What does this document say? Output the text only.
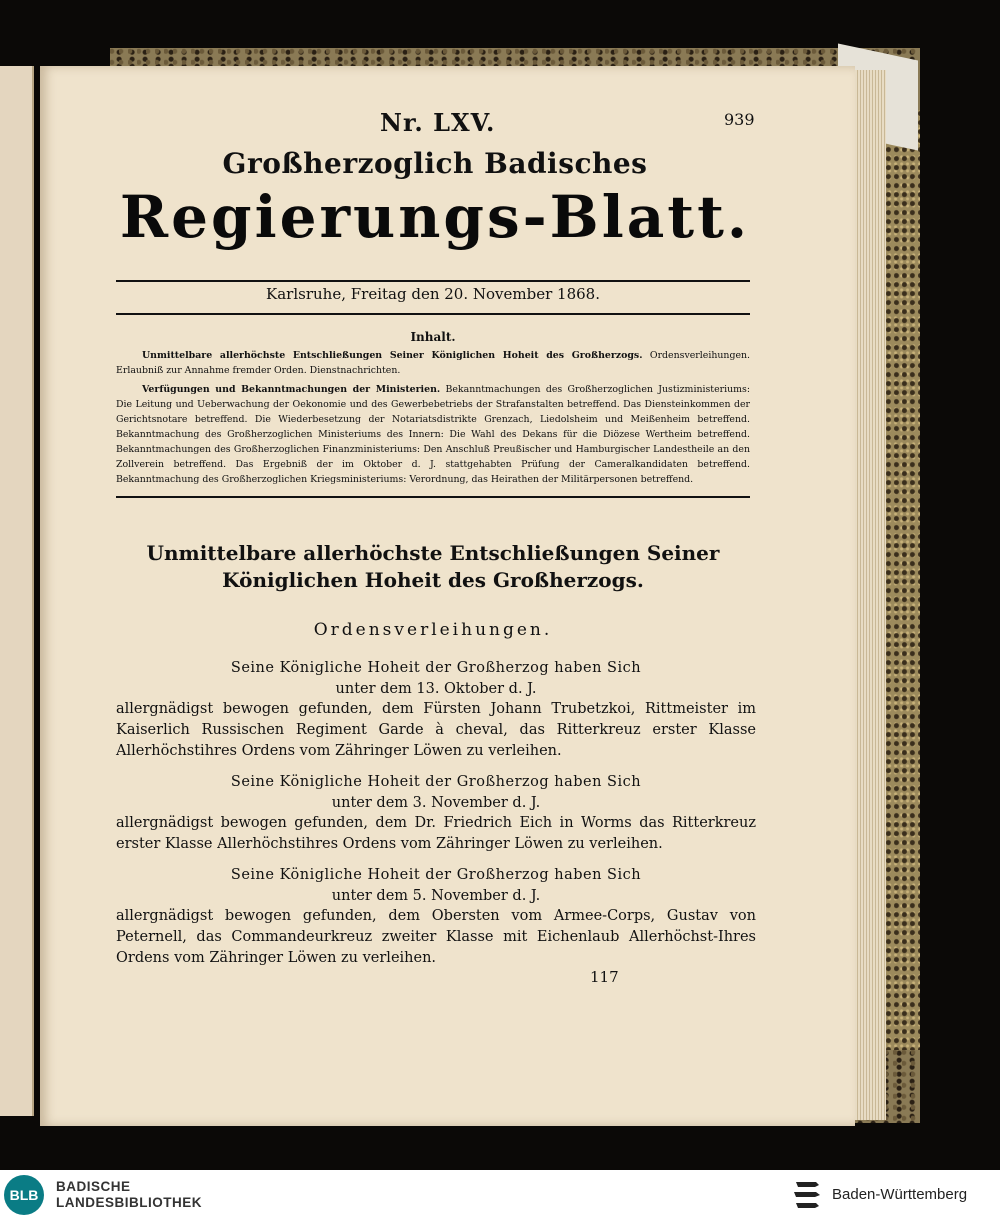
Nr. LXV.	939
Großherzoglich Badisches
Regierungs-Blatt.
Karlsruhe, Freitag den 20. November 1868.
Inhalt.

Unmittelbare allerhöchste Entschließungen Seiner Königlichen Hoheit des Großherzogs. Ordensverleihungen. Erlaubniß zur Annahme fremder Orden. Dienstnachrichten.

Verfügungen und Bekanntmachungen der Ministerien. Bekanntmachungen des Großherzoglichen Justizministeriums: Die Leitung und Ueberwachung der Oekonomie und des Gewerbebetriebs der Strafanstalten betreffend. Das Diensteinkommen der Gerichtsnotare betreffend. Die Wiederbesetzung der Notariatsdistrikte Grenzach, Liedolsheim und Meißenheim betreffend. Bekanntmachung des Großherzoglichen Ministeriums des Innern: Die Wahl des Dekans für die Diözese Wertheim betreffend. Bekanntmachungen des Großherzoglichen Finanzministeriums: Den Anschluß Preußischer und Hamburgischer Landestheile an den Zollverein betreffend. Das Ergebniß der im Oktober d. J. stattgehabten Prüfung der Cameralkandidaten betreffend. Bekanntmachung des Großherzoglichen Kriegsministeriums: Verordnung, das Heirathen der Militärpersonen betreffend.

Unmittelbare allerhöchste Entschließungen Seiner Königlichen Hoheit des Großherzogs.
Ordensverleihungen.
Seine Königliche Hoheit der Großherzog haben Sich
unter dem 13. Oktober d. J.
allergnädigst bewogen gefunden, dem Fürsten Johann Trubetzkoi, Rittmeister im Kaiserlich Russischen Regiment Garde à cheval, das Ritterkreuz erster Klasse Allerhöchstihres Ordens vom Zähringer Löwen zu verleihen.
Seine Königliche Hoheit der Großherzog haben Sich
unter dem 3. November d. J.
allergnädigst bewogen gefunden, dem Dr. Friedrich Eich in Worms das Ritterkreuz erster Klasse Allerhöchstihres Ordens vom Zähringer Löwen zu verleihen.
Seine Königliche Hoheit der Großherzog haben Sich
unter dem 5. November d. J.
allergnädigst bewogen gefunden, dem Obersten vom Armee-Corps, Gustav von Peternell, das Commandeurkreuz zweiter Klasse mit Eichenlaub Allerhöchst-Ihres Ordens vom Zähringer Löwen zu verleihen.
117
BLB
BADISCHE
LANDESBIBLIOTHEK	Baden-Württemberg
